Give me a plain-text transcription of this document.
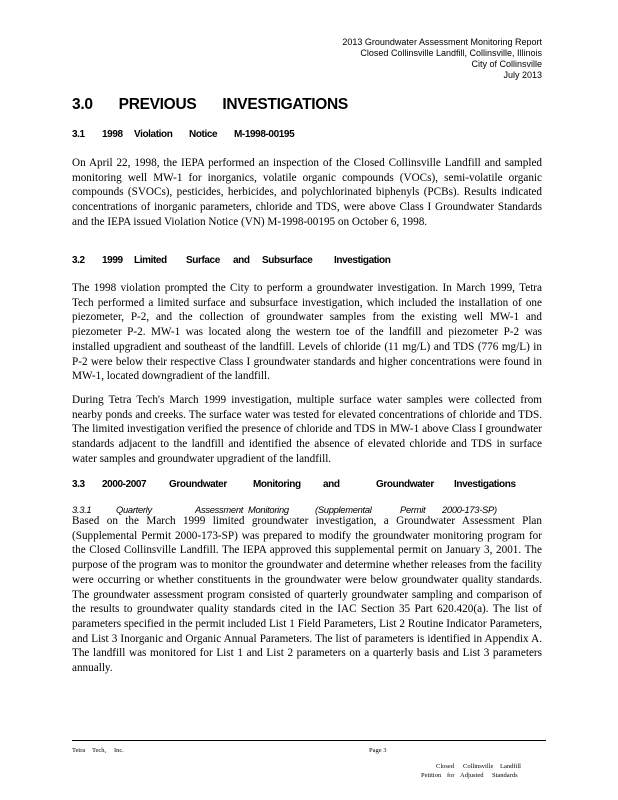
2013 Groundwater Assessment Monitoring Report
Closed Collinsville Landfill, Collinsville, Illinois
City of Collinsville
July 2013
3.0 PREVIOUS INVESTIGATIONS
3.1 1998 Violation Notice M-1998-00195

On April 22, 1998, the IEPA performed an inspection of the Closed Collinsville Landfill and sampled monitoring well MW-1 for inorganics, volatile organic compounds (VOCs), semi-volatile organic compounds (SVOCs), pesticides, herbicides, and polychlorinated biphenyls (PCBs). Results indicated concentrations of inorganic parameters, chloride and TDS, were above Class I Groundwater Standards and the IEPA issued Violation Notice (VN) M-1998-00195 on October 6, 1998.

3.2 1999 Limited Surface and Subsurface Investigation

The 1998 violation prompted the City to perform a groundwater investigation. In March 1999, Tetra Tech performed a limited surface and subsurface investigation, which included the installation of one piezometer, P-2, and the collection of groundwater samples from the existing well MW-1 and piezometer P-2. MW-1 was located along the western toe of the landfill and piezometer P-2 was installed upgradient and southeast of the landfill. Levels of chloride (11 mg/L) and TDS (776 mg/L) in P-2 were below their respective Class I groundwater standards and higher concentrations were found in MW-1, located downgradient of the landfill.

During Tetra Tech's March 1999 investigation, multiple surface water samples were collected from nearby ponds and creeks. The surface water was tested for elevated concentrations of chloride and TDS. The limited investigation verified the presence of chloride and TDS in MW-1 above Class I groundwater standards adjacent to the landfill and identified the absence of elevated chloride and TDS in surface water samples and groundwater upgradient of the landfill.

3.3 2000-2007 Groundwater	Monitoring and	Groundwater Investigations
3.3.1	Quarterly	Assessment Monitoring	(Supplemental	Permit 2000-173-SP)

Based on the March 1999 limited groundwater investigation, a Groundwater Assessment Plan (Supplemental Permit 2000-173-SP) was prepared to modify the groundwater monitoring program for the Closed Collinsville Landfill. The IEPA approved this supplemental permit on January 3, 2001. The purpose of the program was to monitor the groundwater and determine whether releases from the facility were occurring or whether constituents in the groundwater were below groundwater quality standards. The groundwater assessment program consisted of quarterly groundwater sampling and comparison of the results to groundwater quality standards cited in the IAC Section 35 Part 620.420(a). The list of parameters specified in the permit included List 1 Field Parameters, List 2 Routine Indicator Parameters, and List 3 Inorganic and Organic Annual Parameters. The list of parameters is identified in Appendix A. The landfill was monitored for List 1 and List 2 parameters on a quarterly basis and List 3 parameters annually.

Tetra Tech, Inc.	Page 3
Closed Collinsville Landfill
Petition for Adjusted Standards
